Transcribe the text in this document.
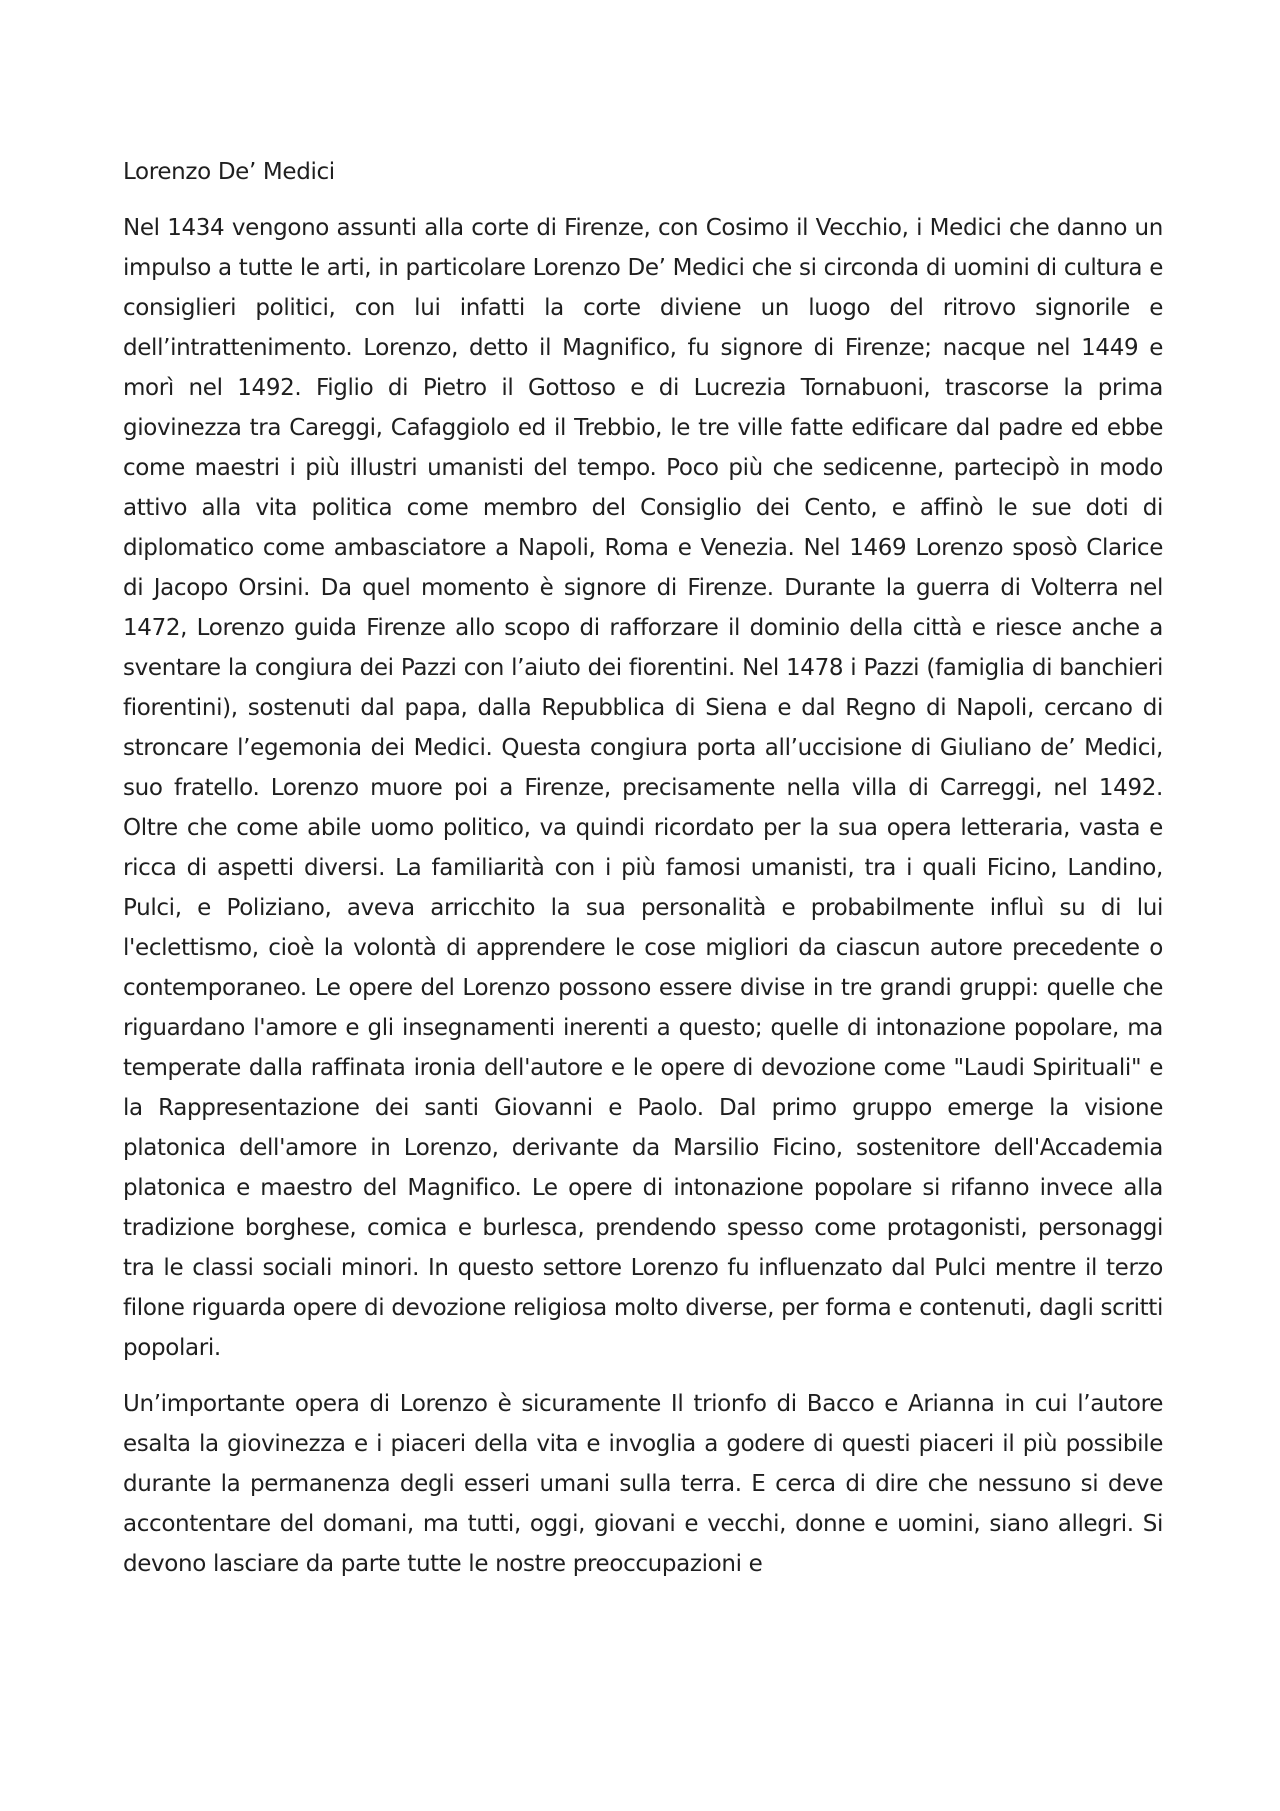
Lorenzo De’ Medici

Nel 1434 vengono assunti alla corte di Firenze, con Cosimo il Vecchio, i Medici che danno un impulso a tutte le arti, in particolare Lorenzo De’ Medici che si circonda di uomini di cultura e consiglieri politici, con lui infatti la corte diviene un luogo del ritrovo signorile e dell’intrattenimento. Lorenzo, detto il Magnifico, fu signore di Firenze; nacque nel 1449 e morì nel 1492. Figlio di Pietro il Gottoso e di Lucrezia Tornabuoni, trascorse la prima giovinezza tra Careggi, Cafaggiolo ed il Trebbio, le tre ville fatte edificare dal padre ed ebbe come maestri i più illustri umanisti del tempo. Poco più che sedicenne, partecipò in modo attivo alla vita politica come membro del Consiglio dei Cento, e affinò le sue doti di diplomatico come ambasciatore a Napoli, Roma e Venezia. Nel 1469 Lorenzo sposò Clarice di Jacopo Orsini. Da quel momento è signore di Firenze. Durante la guerra di Volterra nel 1472, Lorenzo guida Firenze allo scopo di rafforzare il dominio della città e riesce anche a sventare la congiura dei Pazzi con l’aiuto dei fiorentini. Nel 1478 i Pazzi (famiglia di banchieri fiorentini), sostenuti dal papa, dalla Repubblica di Siena e dal Regno di Napoli, cercano di stroncare l’egemonia dei Medici. Questa congiura porta all’uccisione di Giuliano de’ Medici, suo fratello. Lorenzo muore poi a Firenze, precisamente nella villa di Carreggi, nel 1492. Oltre che come abile uomo politico, va quindi ricordato per la sua opera letteraria, vasta e ricca di aspetti diversi. La familiarità con i più famosi umanisti, tra i quali Ficino, Landino, Pulci, e Poliziano, aveva arricchito la sua personalità e probabilmente influì su di lui l'eclettismo, cioè la volontà di apprendere le cose migliori da ciascun autore precedente o contemporaneo. Le opere del Lorenzo possono essere divise in tre grandi gruppi: quelle che riguardano l'amore e gli insegnamenti inerenti a questo; quelle di intonazione popolare, ma temperate dalla raffinata ironia dell'autore e le opere di devozione come "Laudi Spirituali" e la Rappresentazione dei santi Giovanni e Paolo. Dal primo gruppo emerge la visione platonica dell'amore in Lorenzo, derivante da Marsilio Ficino, sostenitore dell'Accademia platonica e maestro del Magnifico. Le opere di intonazione popolare si rifanno invece alla tradizione borghese, comica e burlesca, prendendo spesso come protagonisti, personaggi tra le classi sociali minori. In questo settore Lorenzo fu influenzato dal Pulci mentre il terzo filone riguarda opere di devozione religiosa molto diverse, per forma e contenuti, dagli scritti popolari.

Un’importante opera di Lorenzo è sicuramente Il trionfo di Bacco e Arianna in cui l’autore esalta la giovinezza e i piaceri della vita e invoglia a godere di questi piaceri il più possibile durante la permanenza degli esseri umani sulla terra. E cerca di dire che nessuno si deve accontentare del domani, ma tutti, oggi, giovani e vecchi, donne e uomini, siano allegri. Si devono lasciare da parte tutte le nostre preoccupazioni e
